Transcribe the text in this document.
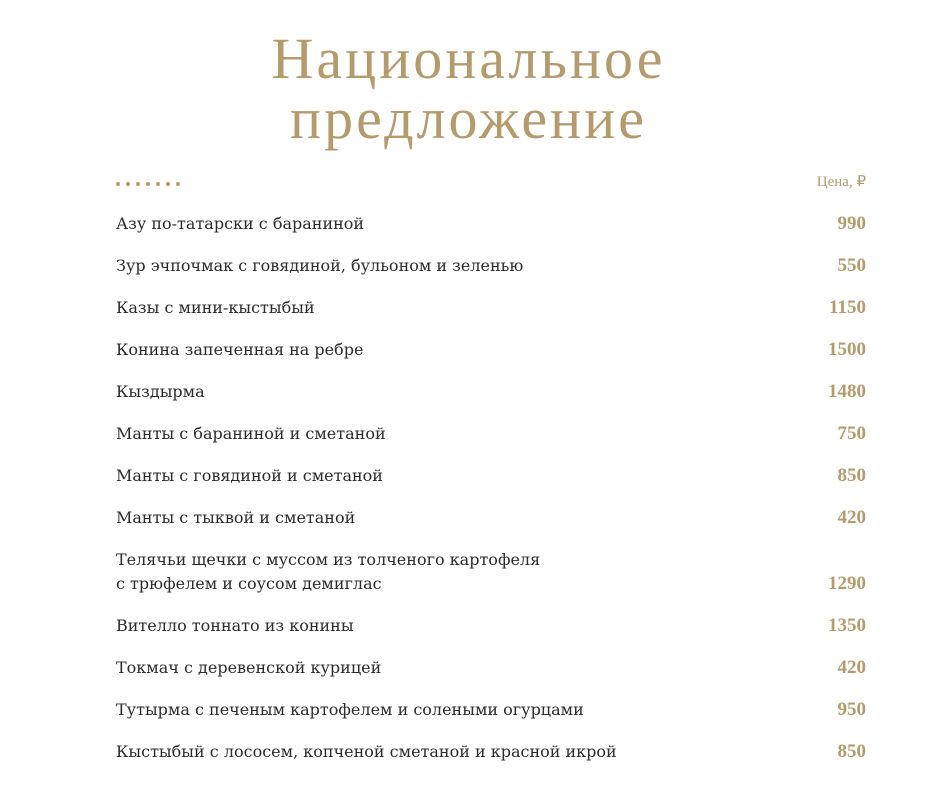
Национальное
предложение
Цена, ₽
Азу по-татарски с бараниной	990
Зур эчпочмак с говядиной, бульоном и зеленью	550
Казы с мини-кыстыбый	1150
Конина запеченная на ребре	1500
Кыздырма	1480
Манты с бараниной и сметаной	750
Манты с говядиной и сметаной	850
Манты с тыквой и сметаной	420
Телячьи щечки с муссом из толченого картофеля
с трюфелем и соусом демиглас	1290
Вителло тоннато из конины	1350
Токмач с деревенской курицей	420
Тутырма с печеным картофелем и солеными огурцами	950
Кыстыбый с лососем, копченой сметаной и красной икрой	850
